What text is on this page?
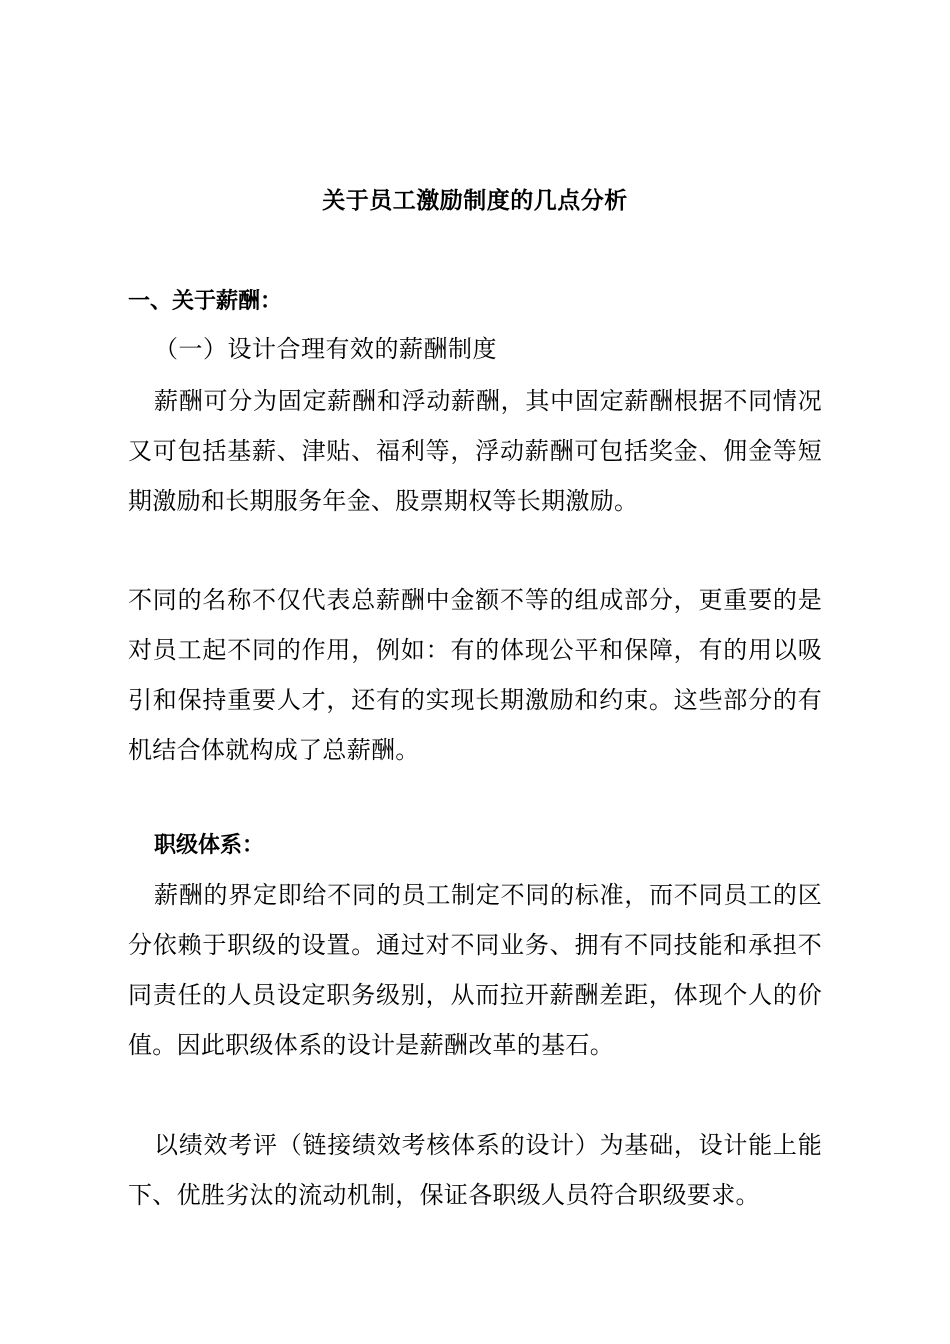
关于员工激励制度的几点分析
一、关于薪酬：
（一）设计合理有效的薪酬制度

薪酬可分为固定薪酬和浮动薪酬，其中固定薪酬根据不同情况又可包括基薪、津贴、福利等，浮动薪酬可包括奖金、佣金等短期激励和长期服务年金、股票期权等长期激励。

不同的名称不仅代表总薪酬中金额不等的组成部分，更重要的是对员工起不同的作用，例如：有的体现公平和保障，有的用以吸引和保持重要人才，还有的实现长期激励和约束。这些部分的有机结合体就构成了总薪酬。

职级体系：

薪酬的界定即给不同的员工制定不同的标准，而不同员工的区分依赖于职级的设置。通过对不同业务、拥有不同技能和承担不同责任的人员设定职务级别，从而拉开薪酬差距，体现个人的价值。因此职级体系的设计是薪酬改革的基石。

以绩效考评（链接绩效考核体系的设计）为基础，设计能上能下、优胜劣汰的流动机制，保证各职级人员符合职级要求。
